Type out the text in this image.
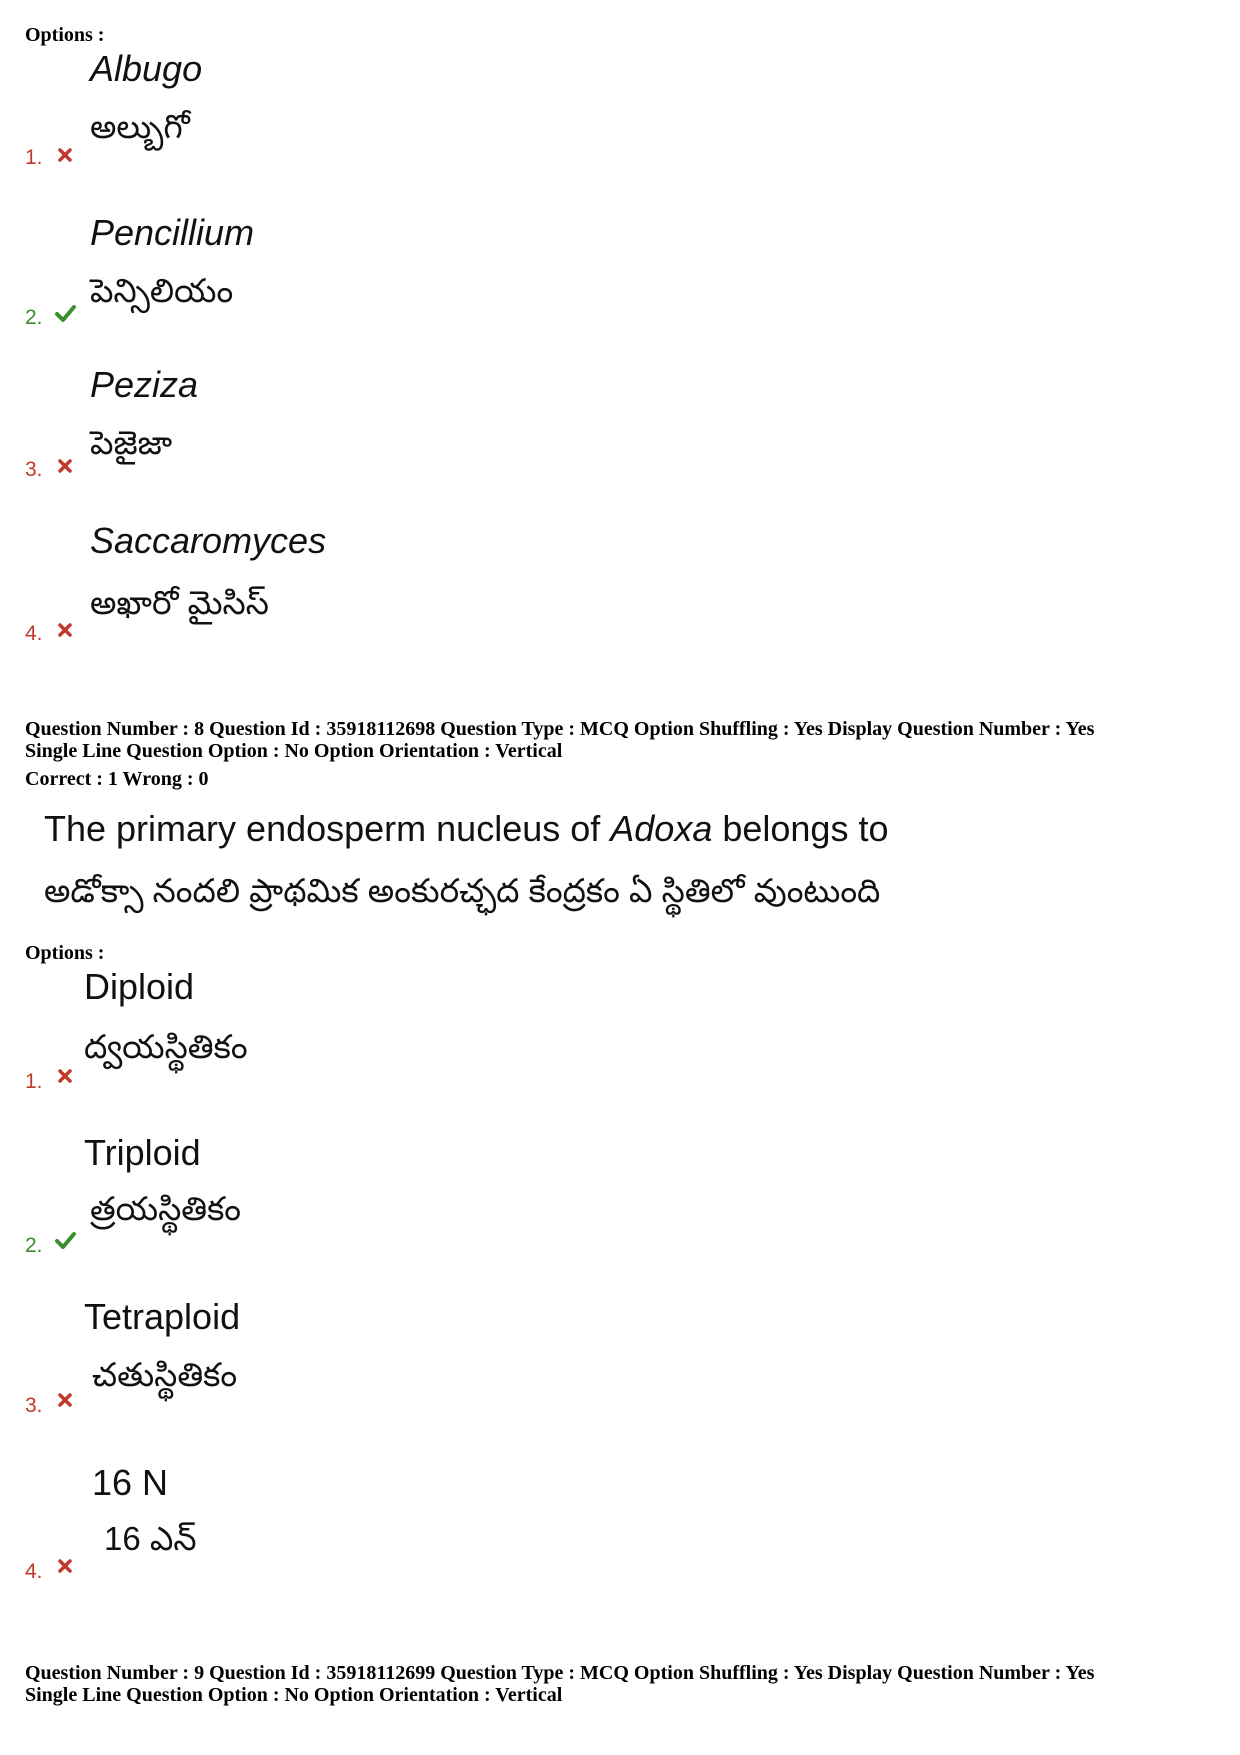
Options :
Albugo
అల్బుగో
1.
Pencillium
పెన్సిలియం
2.
Peziza
పెజైజా
3.
Saccaromyces
అఖారో మైసిస్
4.
Question Number : 8 Question Id : 35918112698 Question Type : MCQ Option Shuffling : Yes Display Question Number : Yes
Single Line Question Option : No Option Orientation : Vertical
Correct : 1 Wrong : 0
The primary endosperm nucleus of Adoxa belongs to
అడోక్సా నందలి ప్రాథమిక అంకురచ్ఛద కేంద్రకం ఏ స్థితిలో వుంటుంది
Options :
Diploid
ద్వయస్థితికం
1.
Triploid
త్రయస్థితికం
2.
Tetraploid
చతుస్థితికం
3.
16 N
16 ఎన్
4.
Question Number : 9 Question Id : 35918112699 Question Type : MCQ Option Shuffling : Yes Display Question Number : Yes
Single Line Question Option : No Option Orientation : Vertical
